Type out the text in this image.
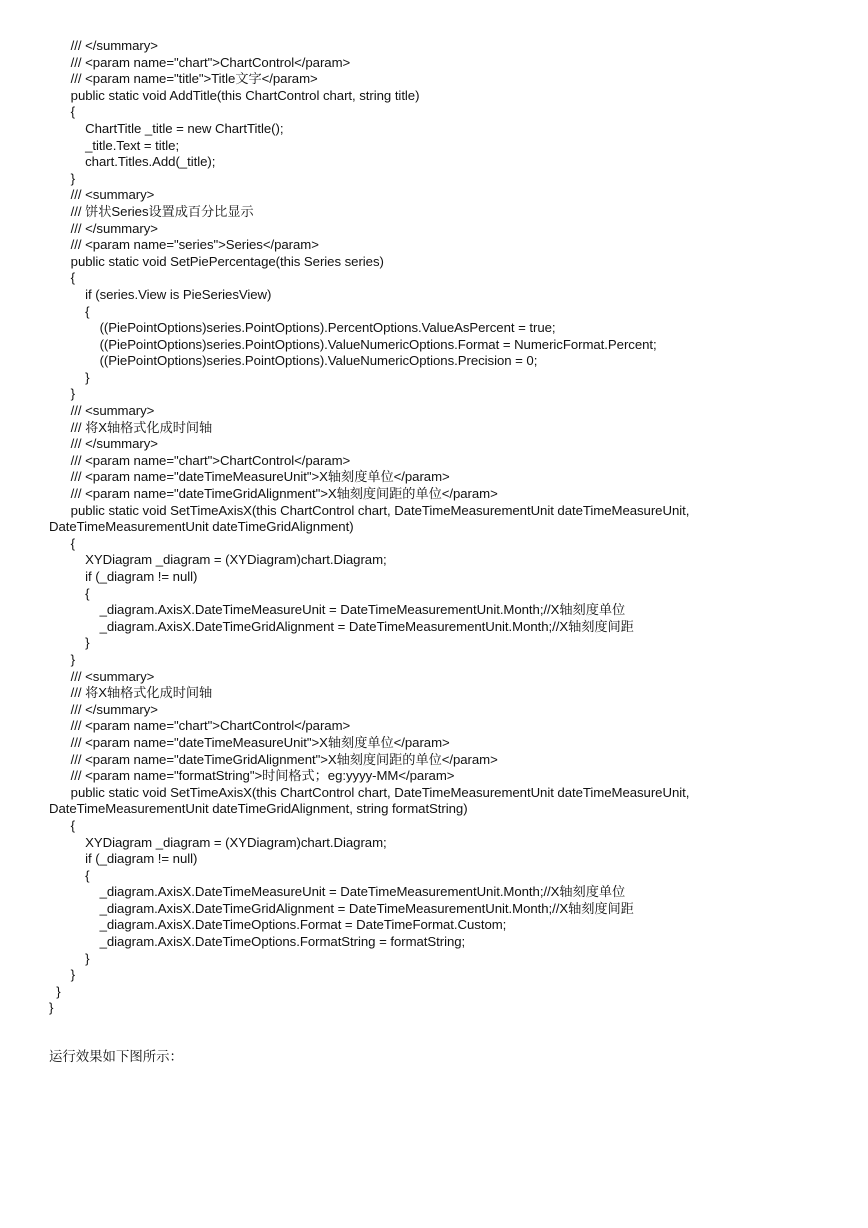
/// </summary>
/// <param name="chart">ChartControl</param>
/// <param name="title">Title文字</param>
public static void AddTitle(this ChartControl chart, string title)
{
ChartTitle _title = new ChartTitle();
_title.Text = title;
chart.Titles.Add(_title);
}
/// <summary>
/// 饼状Series设置成百分比显示
/// </summary>
/// <param name="series">Series</param>
public static void SetPiePercentage(this Series series)
{
if (series.View is PieSeriesView)
{
((PiePointOptions)series.PointOptions).PercentOptions.ValueAsPercent = true;
((PiePointOptions)series.PointOptions).ValueNumericOptions.Format = NumericFormat.Percent;
((PiePointOptions)series.PointOptions).ValueNumericOptions.Precision = 0;
}
}
/// <summary>
/// 将X轴格式化成时间轴
/// </summary>
/// <param name="chart">ChartControl</param>
/// <param name="dateTimeMeasureUnit">X轴刻度单位</param>
/// <param name="dateTimeGridAlignment">X轴刻度间距的单位</param>
public static void SetTimeAxisX(this ChartControl chart, DateTimeMeasurementUnit dateTimeMeasureUnit,
DateTimeMeasurementUnit dateTimeGridAlignment)
{
XYDiagram _diagram = (XYDiagram)chart.Diagram;
if (_diagram != null)
{
_diagram.AxisX.DateTimeMeasureUnit = DateTimeMeasurementUnit.Month;//X轴刻度单位
_diagram.AxisX.DateTimeGridAlignment = DateTimeMeasurementUnit.Month;//X轴刻度间距
}
}
/// <summary>
/// 将X轴格式化成时间轴
/// </summary>
/// <param name="chart">ChartControl</param>
/// <param name="dateTimeMeasureUnit">X轴刻度单位</param>
/// <param name="dateTimeGridAlignment">X轴刻度间距的单位</param>
/// <param name="formatString">时间格式；eg:yyyy-MM</param>
public static void SetTimeAxisX(this ChartControl chart, DateTimeMeasurementUnit dateTimeMeasureUnit,
DateTimeMeasurementUnit dateTimeGridAlignment, string formatString)
{
XYDiagram _diagram = (XYDiagram)chart.Diagram;
if (_diagram != null)
{
_diagram.AxisX.DateTimeMeasureUnit = DateTimeMeasurementUnit.Month;//X轴刻度单位
_diagram.AxisX.DateTimeGridAlignment = DateTimeMeasurementUnit.Month;//X轴刻度间距
_diagram.AxisX.DateTimeOptions.Format = DateTimeFormat.Custom;
_diagram.AxisX.DateTimeOptions.FormatString = formatString;
}
}
}
}
运行效果如下图所示：
